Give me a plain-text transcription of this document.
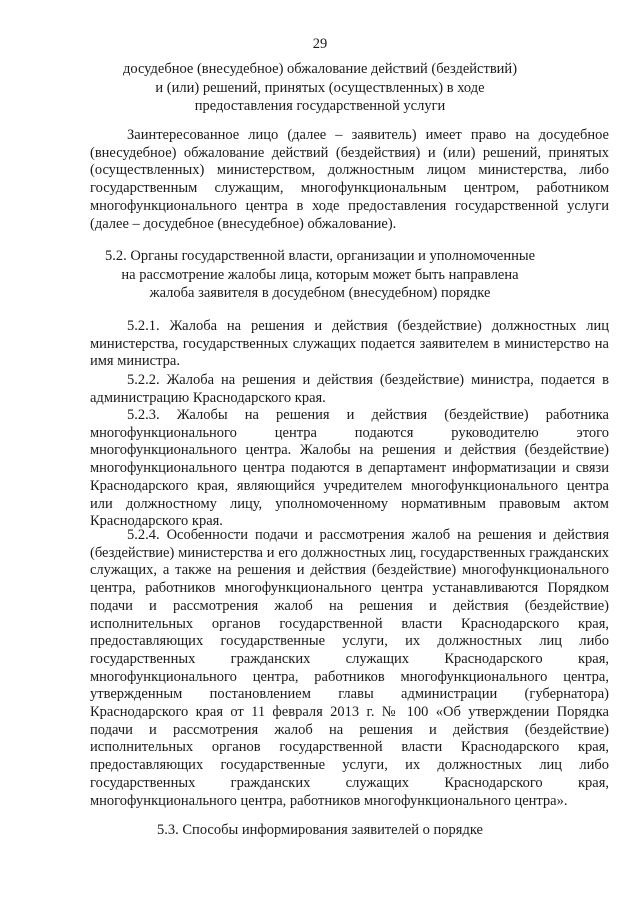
29
досудебное (внесудебное) обжалование действий (бездействий)
и (или) решений, принятых (осуществленных) в ходе
предоставления государственной услуги

Заинтересованное лицо (далее – заявитель) имеет право на досудебное (внесудебное) обжалование действий (бездействия) и (или) решений, принятых (осуществленных) министерством, должностным лицом министерства, либо государственным служащим, многофункциональным центром, работником многофункционального центра в ходе предоставления государственной услуги (далее – досудебное (внесудебное) обжалование).

5.2. Органы государственной власти, организации и уполномоченные
на рассмотрение жалобы лица, которым может быть направлена
жалоба заявителя в досудебном (внесудебном) порядке

5.2.1. Жалоба на решения и действия (бездействие) должностных лиц министерства, государственных служащих подается заявителем в министерство на имя министра.

5.2.2. Жалоба на решения и действия (бездействие) министра, подается в администрацию Краснодарского края.

5.2.3. Жалобы на решения и действия (бездействие) работника многофункционального центра подаются руководителю этого многофункционального центра. Жалобы на решения и действия (бездействие) многофункционального центра подаются в департамент информатизации и связи Краснодарского края, являющийся учредителем многофункционального центра или должностному лицу, уполномоченному нормативным правовым актом Краснодарского края.

5.2.4. Особенности подачи и рассмотрения жалоб на решения и действия (бездействие) министерства и его должностных лиц, государственных гражданских служащих, а также на решения и действия (бездействие) многофункционального центра, работников многофункционального центра устанавливаются Порядком подачи и рассмотрения жалоб на решения и действия (бездействие) исполнительных органов государственной власти Краснодарского края, предоставляющих государственные услуги, их должностных лиц либо государственных гражданских служащих Краснодарского края, многофункционального центра, работников многофункционального центра, утвержденным постановлением главы администрации (губернатора) Краснодарского края от 11 февраля 2013 г. № 100 «Об утверждении Порядка подачи и рассмотрения жалоб на решения и действия (бездействие) исполнительных органов государственной власти Краснодарского края, предоставляющих государственные услуги, их должностных лиц либо государственных гражданских служащих Краснодарского края, многофункционального центра, работников многофункционального центра».

5.3. Способы информирования заявителей о порядке
